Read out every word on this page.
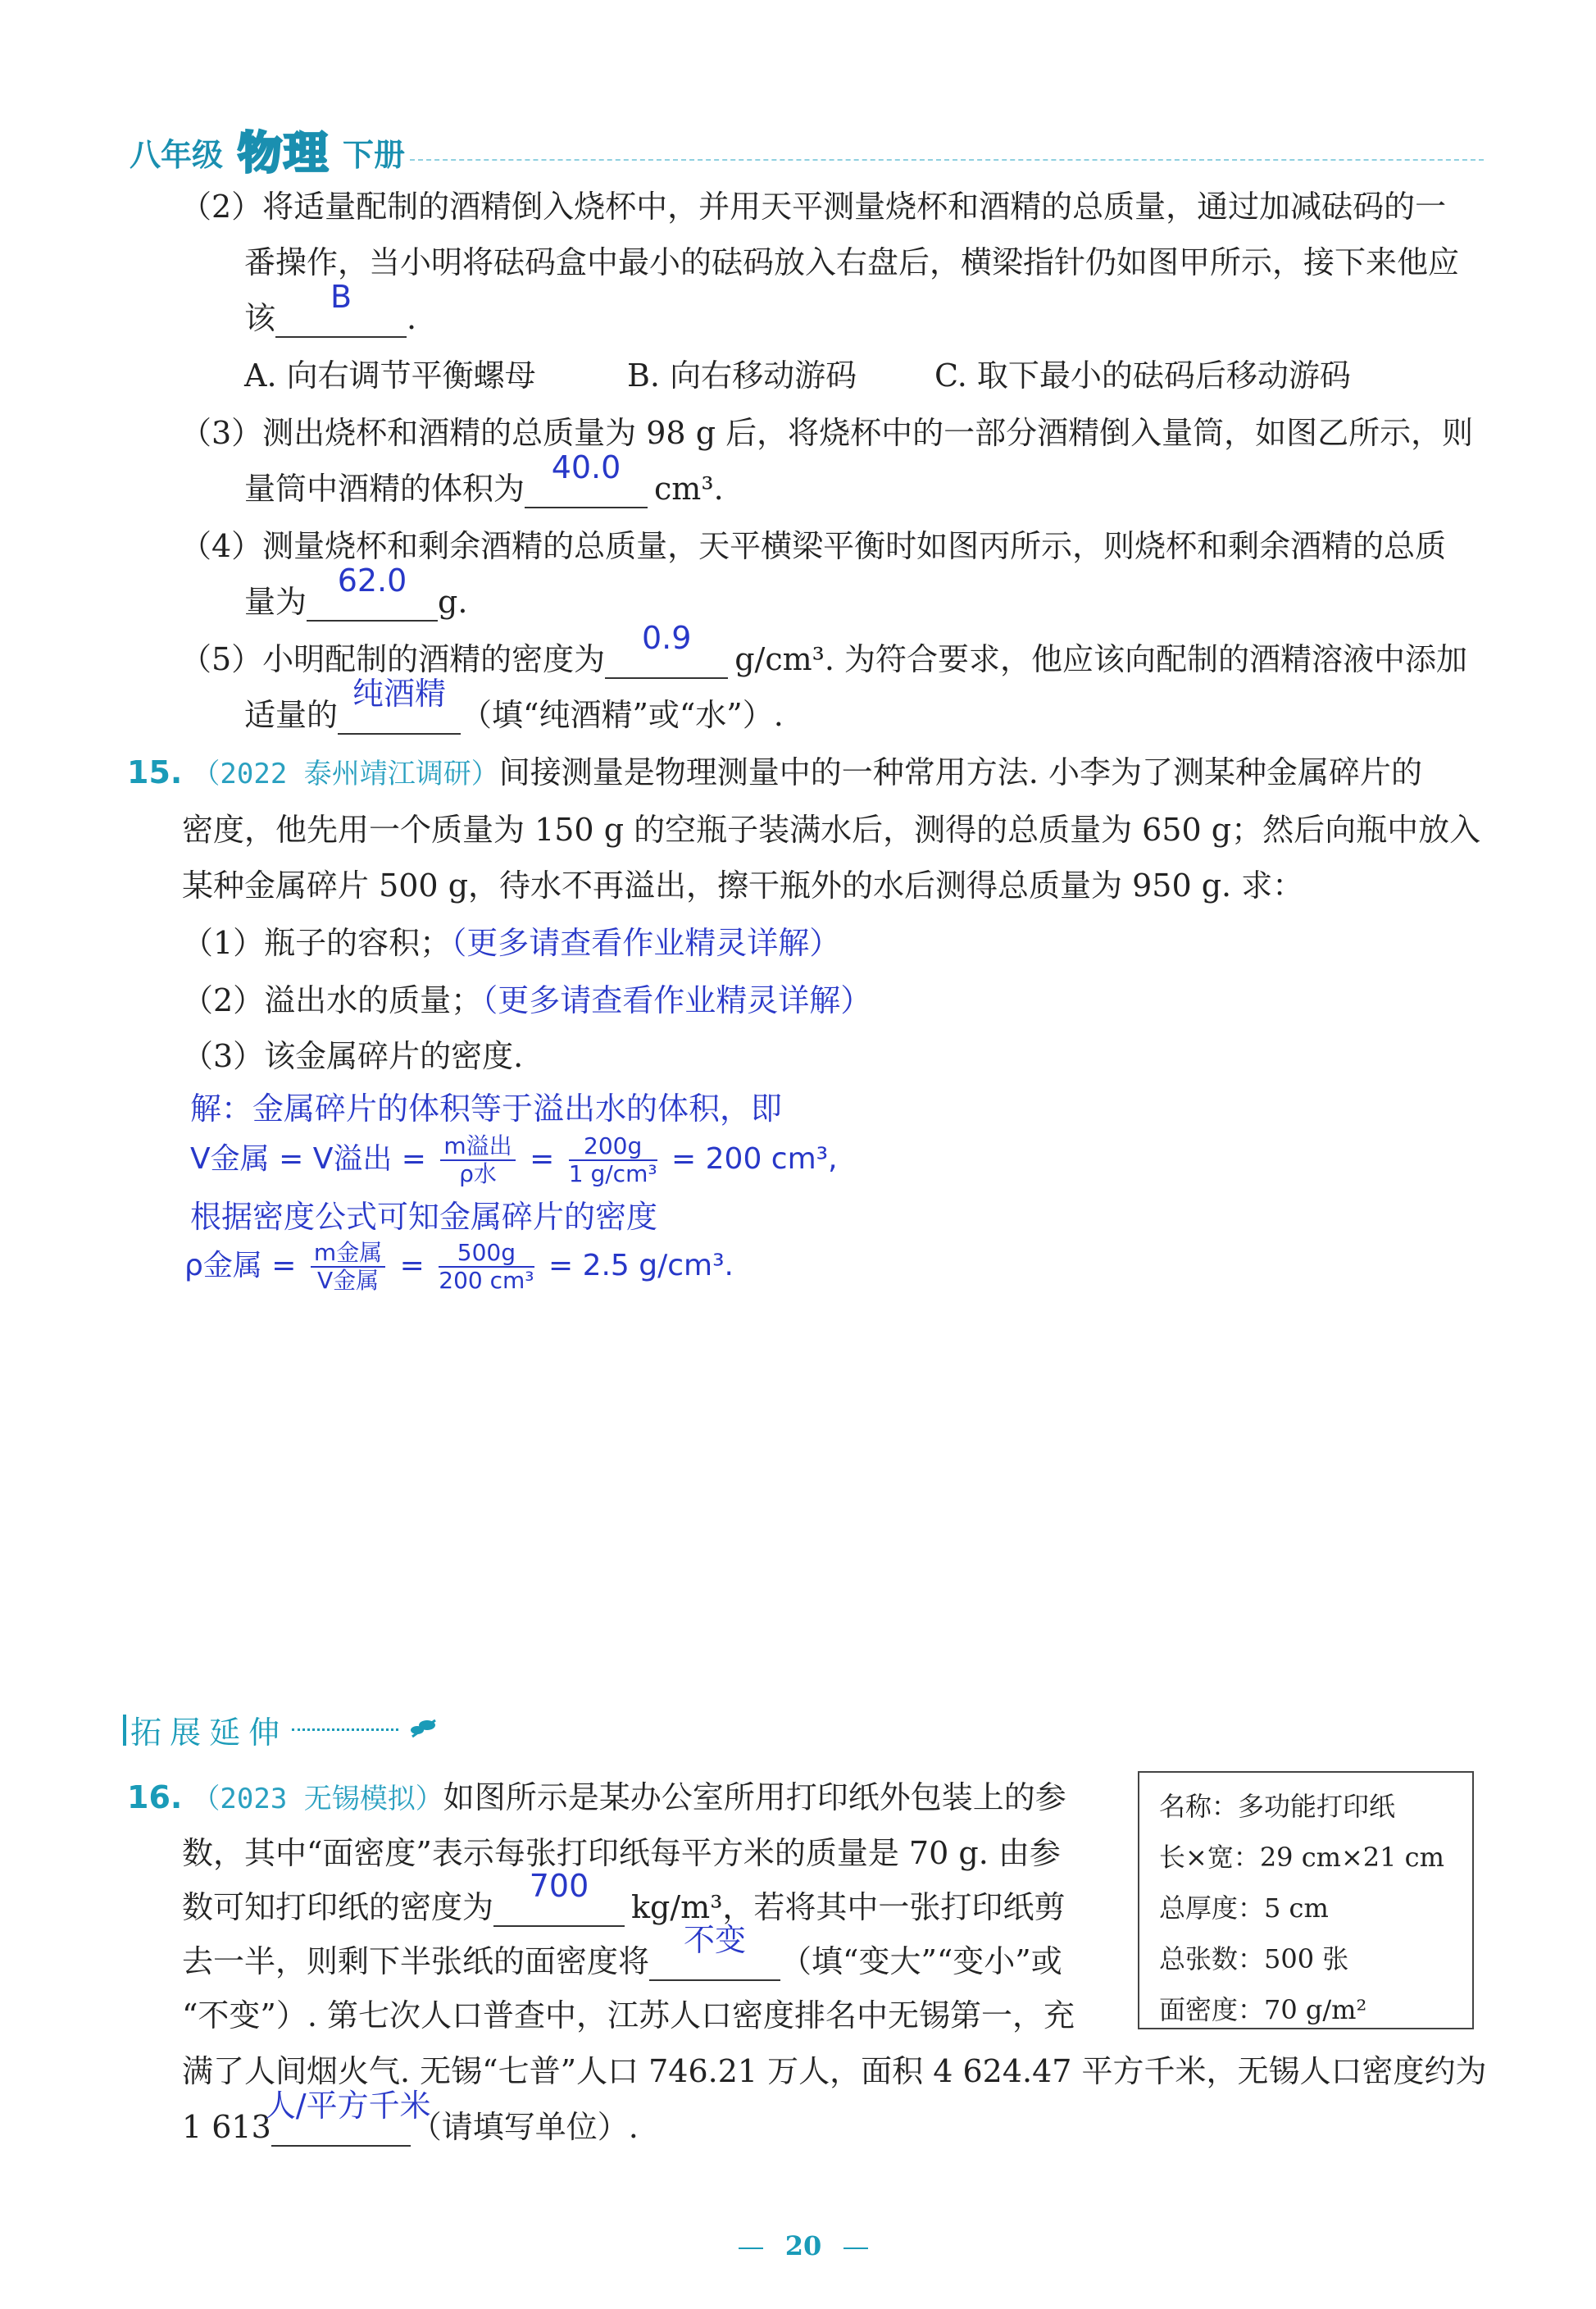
八年级 物理 下册
（2）将适量配制的酒精倒入烧杯中，并用天平测量烧杯和酒精的总质量，通过加减砝码的一
番操作，当小明将砝码盒中最小的砝码放入右盘后，横梁指针仍如图甲所示，接下来他应
该
B
.
A. 向右调节平衡螺母	B. 向右移动游码 C. 取下最小的砝码后移动游码
（3）测出烧杯和酒精的总质量为 98 g 后，将烧杯中的一部分酒精倒入量筒，如图乙所示，则
量筒中酒精的体积为
40.0
cm³.
（4）测量烧杯和剩余酒精的总质量，天平横梁平衡时如图丙所示，则烧杯和剩余酒精的总质
量为
62.0
g.
（5）小明配制的酒精的密度为
0.9
g/cm³. 为符合要求，他应该向配制的酒精溶液中添加
适量的
纯酒精
（填“纯酒精”或“水”）.
15. （2022 泰州靖江调研）间接测量是物理测量中的一种常用方法. 小李为了测某种金属碎片的
密度，他先用一个质量为 150 g 的空瓶子装满水后，测得的总质量为 650 g；然后向瓶中放入
某种金属碎片 500 g，待水不再溢出，擦干瓶外的水后测得总质量为 950 g. 求：
（1）瓶子的容积；（更多请查看作业精灵详解）
（2）溢出水的质量；（更多请查看作业精灵详解）
（3）该金属碎片的密度.
解：金属碎片的体积等于溢出水的体积，即
V金属 = V溢出 = $\frac{\text{m溢出}}{\text{ρ水}} = \frac{200g}{\text{1 g/cm³}} = 200$ cm³,
根据密度公式可知金属碎片的密度
ρ金属 = $\frac{\text{m金属}}{\text{V金属}} = \frac{500g}{\text{200 cm³}} = 2.5$ g/cm³.
拓展延伸
16. （2023 无锡模拟）如图所示是某办公室所用打印纸外包装上的参
数，其中“面密度”表示每张打印纸每平方米的质量是 70 g. 由参
数可知打印纸的密度为
700
kg/m³，若将其中一张打印纸剪
去一半，则剩下半张纸的面密度将
不变
（填“变大”“变小”或
“不变”）. 第七次人口普查中，江苏人口密度排名中无锡第一，充
满了人间烟火气. 无锡“七普”人口 746.21 万人，面积 4 624.47 平方千米，无锡人口密度约为
1 613
人/平方千米
（请填写单位）.
名称：多功能打印纸
长×宽：29 cm×21 cm
总厚度：5 cm
总张数：500 张
面密度：70 g/m²
20
